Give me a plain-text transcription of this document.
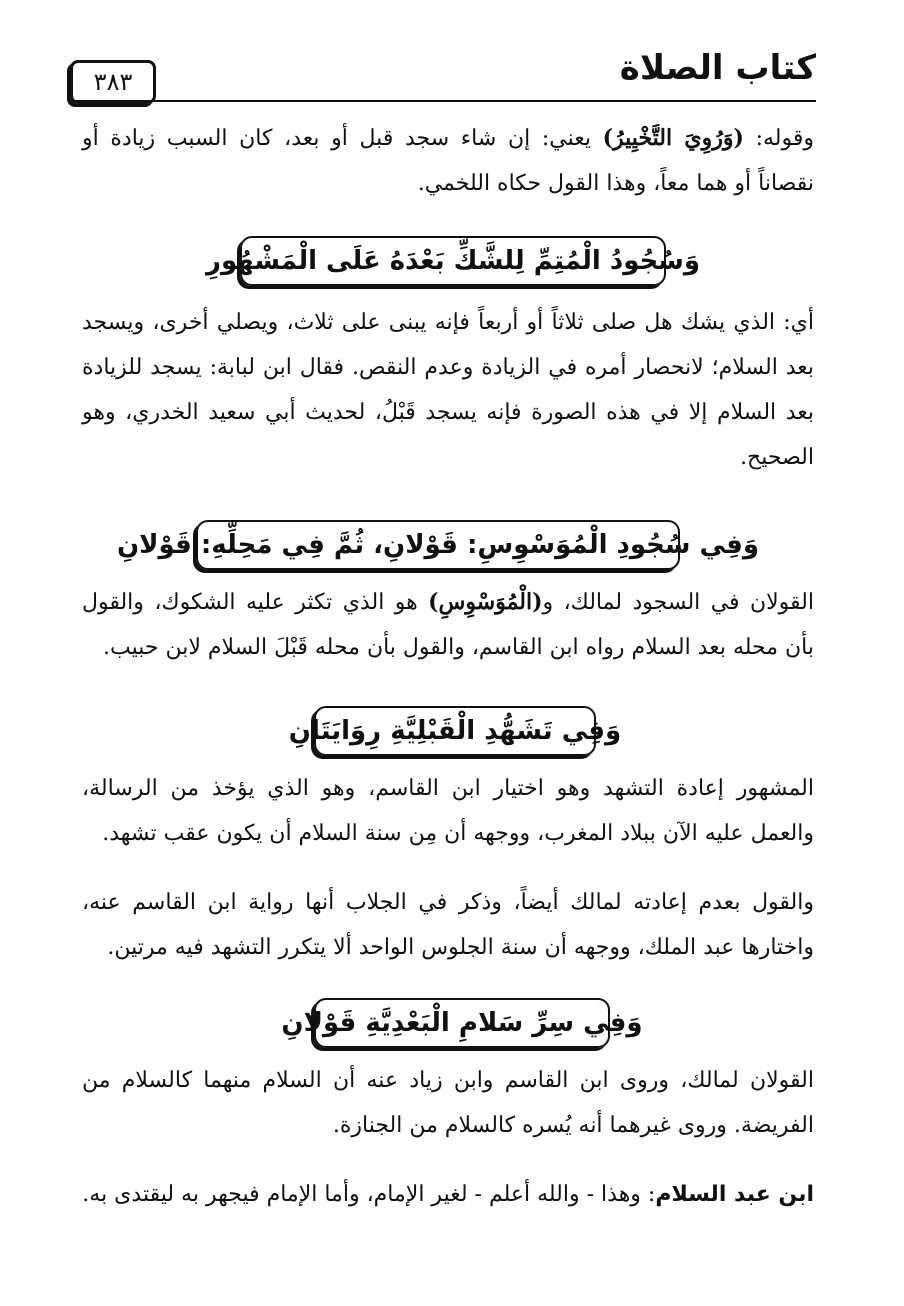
كتاب الصلاة
٣٨٣
وقوله: (وَرُوِيَ التَّخْيِيرُ) يعني: إن شاء سجد قبل أو بعد، كان السبب زيادة أو نقصاناً أو هما معاً، وهذا القول حكاه اللخمي.
وَسُجُودُ الْمُتِمِّ لِلشَّكِّ بَعْدَهُ عَلَى الْمَشْهُورِ
أي: الذي يشك هل صلى ثلاثاً أو أربعاً فإنه يبنى على ثلاث، ويصلي أخرى، ويسجد بعد السلام؛ لانحصار أمره في الزيادة وعدم النقص. فقال ابن لبابة: يسجد للزيادة بعد السلام إلا في هذه الصورة فإنه يسجد قَبْلُ، لحديث أبي سعيد الخدري، وهو الصحيح.
وَفِي سُجُودِ الْمُوَسْوِسِ: قَوْلانِ، ثُمَّ فِي مَحِلِّهِ: قَوْلانِ
القولان في السجود لمالك، و(الْمُوَسْوِسِ) هو الذي تكثر عليه الشكوك، والقول بأن محله بعد السلام رواه ابن القاسم، والقول بأن محله قَبْلَ السلام لابن حبيب.
وَفِي تَشَهُّدِ الْقَبْلِيَّةِ رِوَايَتَانِ
المشهور إعادة التشهد وهو اختيار ابن القاسم، وهو الذي يؤخذ من الرسالة، والعمل عليه الآن ببلاد المغرب، ووجهه أن مِن سنة السلام أن يكون عقب تشهد.
والقول بعدم إعادته لمالك أيضاً، وذكر في الجلاب أنها رواية ابن القاسم عنه، واختارها عبد الملك، ووجهه أن سنة الجلوس الواحد ألا يتكرر التشهد فيه مرتين.
وَفِي سِرِّ سَلامِ الْبَعْدِيَّةِ قَوْلانِ
القولان لمالك، وروى ابن القاسم وابن زياد عنه أن السلام منهما كالسلام من الفريضة. وروى غيرهما أنه يُسره كالسلام من الجنازة.
ابن عبد السلام: وهذا - والله أعلم - لغير الإمام، وأما الإمام فيجهر به ليقتدى به.
